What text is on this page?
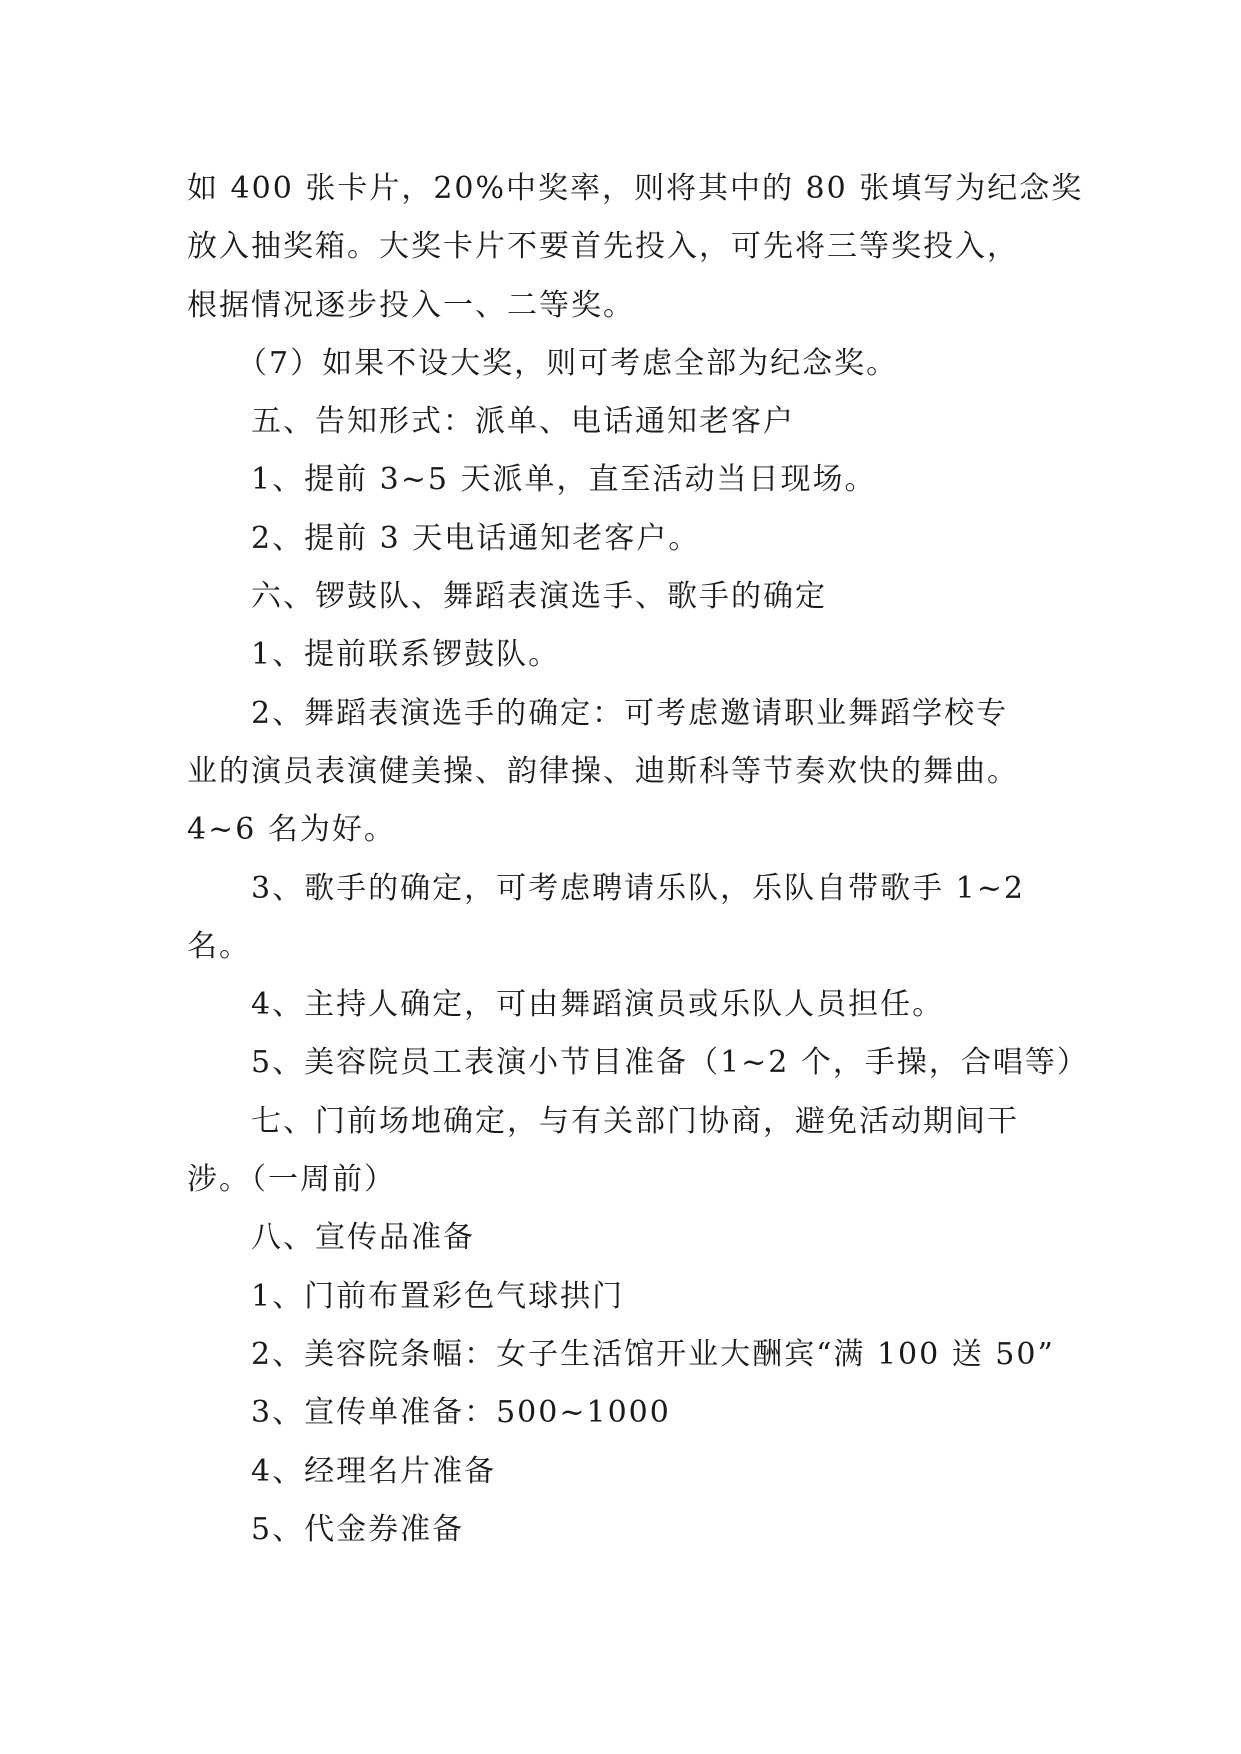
如 400 张卡片，20%中奖率，则将其中的 80 张填写为纪念奖
放入抽奖箱。大奖卡片不要首先投入，可先将三等奖投入，
根据情况逐步投入一、二等奖。
（7）如果不设大奖，则可考虑全部为纪念奖。
五、告知形式：派单、电话通知老客户
1、提前 3~5 天派单，直至活动当日现场。
2、提前 3 天电话通知老客户。
六、锣鼓队、舞蹈表演选手、歌手的确定
1、提前联系锣鼓队。
2、舞蹈表演选手的确定：可考虑邀请职业舞蹈学校专
业的演员表演健美操、韵律操、迪斯科等节奏欢快的舞曲。
4~6 名为好。
3、歌手的确定，可考虑聘请乐队，乐队自带歌手 1~2
名。
4、主持人确定，可由舞蹈演员或乐队人员担任。
5、美容院员工表演小节目准备（1~2 个，手操，合唱等）
七、门前场地确定，与有关部门协商，避免活动期间干
涉。（一周前）
八、宣传品准备
1、门前布置彩色气球拱门
2、美容院条幅：女子生活馆开业大酬宾“满 100 送 50”
3、宣传单准备：500~1000
4、经理名片准备
5、代金券准备
